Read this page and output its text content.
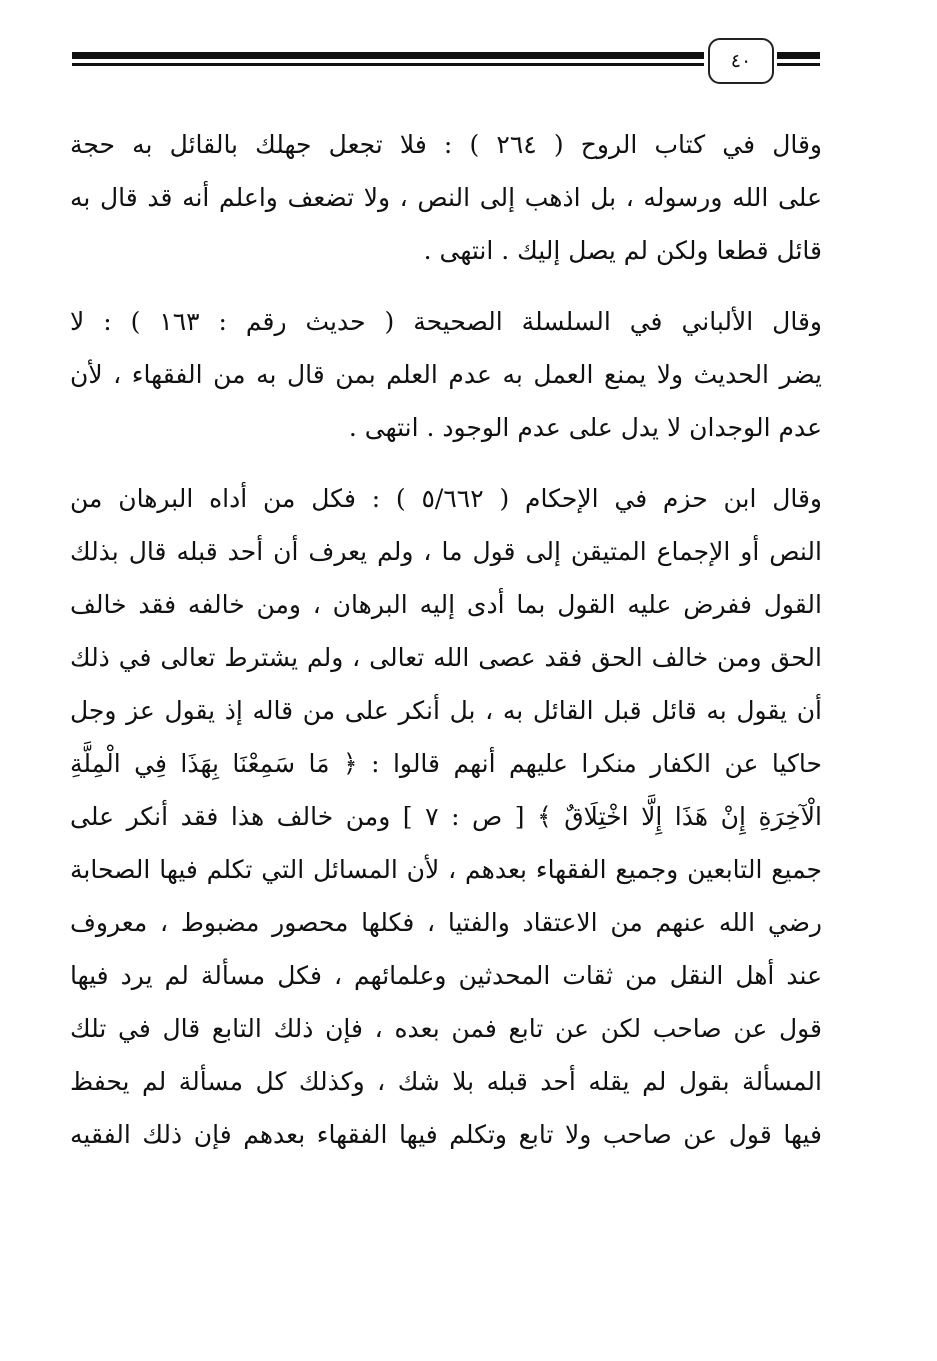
٤٠
وقال في كتاب الروح ( ٢٦٤ ) : فلا تجعل جهلك بالقائل به حجة
على الله ورسوله ، بل اذهب إلى النص ، ولا تضعف واعلم أنه قد قال به
قائل قطعا ولكن لم يصل إليك . انتهى .
وقال الألباني في السلسلة الصحيحة ( حديث رقم : ١٦٣ ) : لا
يضر الحديث ولا يمنع العمل به عدم العلم بمن قال به من الفقهاء ، لأن
عدم الوجدان لا يدل على عدم الوجود . انتهى .
وقال ابن حزم في الإحكام ( ٥/٦٦٢ ) : فكل من أداه البرهان من
النص أو الإجماع المتيقن إلى قول ما ، ولم يعرف أن أحد قبله قال بذلك
القول ففرض عليه القول بما أدى إليه البرهان ، ومن خالفه فقد خالف
الحق ومن خالف الحق فقد عصى الله تعالى ، ولم يشترط تعالى في ذلك
أن يقول به قائل قبل القائل به ، بل أنكر على من قاله إذ يقول عز وجل
حاكيا عن الكفار منكرا عليهم أنهم قالوا : ﴿ مَا سَمِعْنَا بِهَذَا فِي الْمِلَّةِ
الْآخِرَةِ إِنْ هَذَا إِلَّا اخْتِلَاقٌ ﴾ [ ص : ٧ ] ومن خالف هذا فقد أنكر على
جميع التابعين وجميع الفقهاء بعدهم ، لأن المسائل التي تكلم فيها الصحابة
رضي الله عنهم من الاعتقاد والفتيا ، فكلها محصور مضبوط ، معروف
عند أهل النقل من ثقات المحدثين وعلمائهم ، فكل مسألة لم يرد فيها
قول عن صاحب لكن عن تابع فمن بعده ، فإن ذلك التابع قال في تلك
المسألة بقول لم يقله أحد قبله بلا شك ، وكذلك كل مسألة لم يحفظ
فيها قول عن صاحب ولا تابع وتكلم فيها الفقهاء بعدهم فإن ذلك الفقيه
